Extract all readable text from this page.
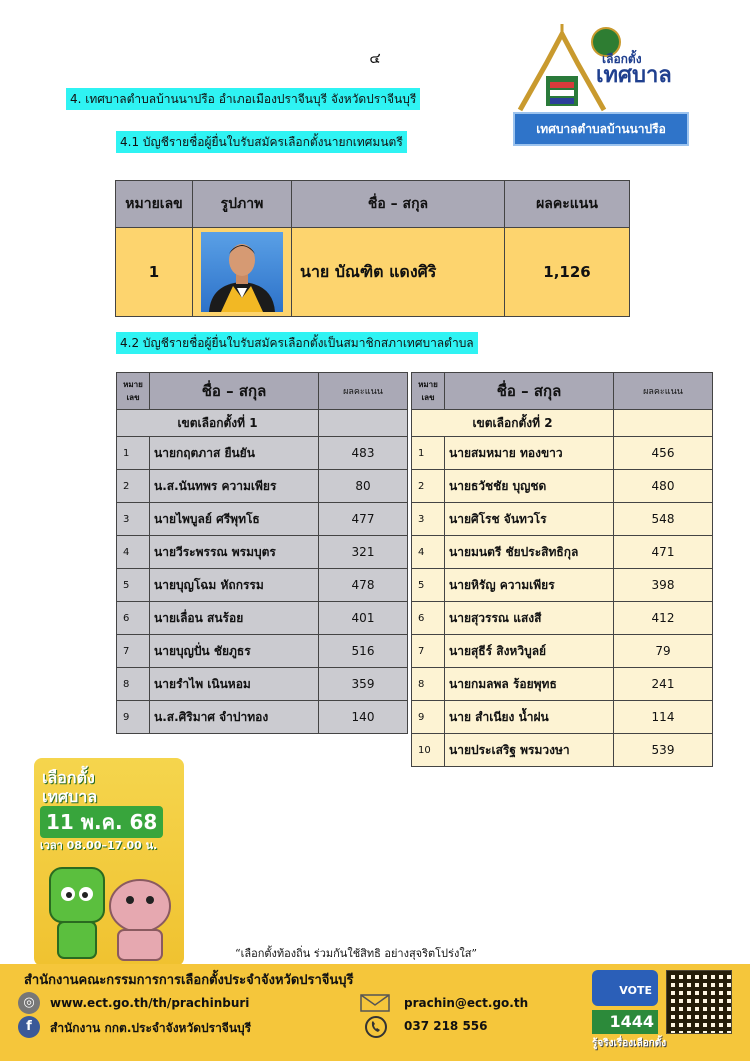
๔
4. เทศบาลตำบลบ้านนาปรือ อำเภอเมืองปราจีนบุรี จังหวัดปราจีนบุรี
เลือกตั้ง
เทศบาล
เทศบาลตำบลบ้านนาปรือ
4.1 บัญชีรายชื่อผู้ยื่นใบรับสมัครเลือกตั้งนายกเทศมนตรี
หมายเลข	รูปภาพ	ชื่อ – สกุล	ผลคะแนน
1		นาย บัณฑิต แดงศิริ	1,126
4.2 บัญชีรายชื่อผู้ยื่นใบรับสมัครเลือกตั้งเป็นสมาชิกสภาเทศบาลตำบล
หมาย
เลข	ชื่อ – สกุล	ผลคะแนน
เขตเลือกตั้งที่ 1		
1	นายกฤตภาส ยืนยัน	483
2	น.ส.นันทพร ความเพียร	80
3	นายไพบูลย์ ศรีพุทโธ	477
4	นายวีระพรรณ พรมบุตร	321
5	นายบุญโฉม หัถกรรม	478
6	นายเลื่อน สนร้อย	401
7	นายบุญปั่น ชัยภูธร	516
8	นายรำไพ เนินหอม	359
9	น.ส.ศิริมาศ จำปาทอง	140
หมาย
เลข	ชื่อ – สกุล	ผลคะแนน
เขตเลือกตั้งที่ 2		
1	นายสมหมาย ทองขาว	456
2	นายธวัชชัย บุญชด	480
3	นายศิโรช จันทวโร	548
4	นายมนตรี ชัยประสิทธิกุล	471
5	นายหิรัญ ความเพียร	398
6	นายสุวรรณ แสงสี	412
7	นายสุธีร์ สิงหวิบูลย์	79
8	นายกมลพล ร้อยพุทธ	241
9	นาย สำเนียง น้ำฝน	114
10	นายประเสริฐ พรมวงษา	539
เลือกตั้ง
เทศบาล
11 พ.ค. 68
เวลา 08.00–17.00 น.
“เลือกตั้งท้องถิ่น ร่วมกันใช้สิทธิ อย่างสุจริตโปร่งใส”
สำนักงานคณะกรรมการการเลือกตั้งประจำจังหวัดปราจีนบุรี
◎	www.ect.go.th/th/prachinburi	prachin@ect.go.th
f	สำนักงาน กกต.ประจำจังหวัดปราจีนบุรี	037 218 556
VOTE
1444
รู้จริงเรื่องเลือกตั้ง
